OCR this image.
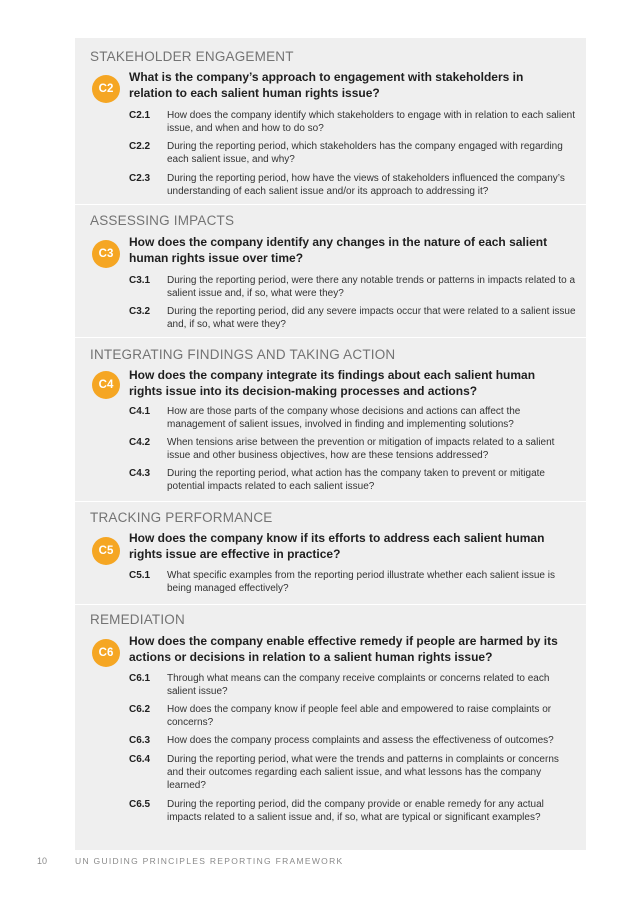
STAKEHOLDER ENGAGEMENT
C2
What is the company’s approach to engagement with stakeholders in relation to each salient human rights issue?
C2.1 How does the company identify which stakeholders to engage with in relation to each salient issue, and when and how to do so?
C2.2 During the reporting period, which stakeholders has the company engaged with regarding each salient issue, and why?
C2.3 During the reporting period, how have the views of stakeholders influenced the company’s understanding of each salient issue and/or its approach to addressing it?
ASSESSING IMPACTS
C3
How does the company identify any changes in the nature of each salient human rights issue over time?
C3.1 During the reporting period, were there any notable trends or patterns in impacts related to a salient issue and, if so, what were they?
C3.2 During the reporting period, did any severe impacts occur that were related to a salient issue and, if so, what were they?
INTEGRATING FINDINGS AND TAKING ACTION
C4
How does the company integrate its findings about each salient human rights issue into its decision-making processes and actions?
C4.1 How are those parts of the company whose decisions and actions can affect the management of salient issues, involved in finding and implementing solutions?
C4.2 When tensions arise between the prevention or mitigation of impacts related to a salient issue and other business objectives, how are these tensions addressed?
C4.3 During the reporting period, what action has the company taken to prevent or mitigate potential impacts related to each salient issue?
TRACKING PERFORMANCE
C5
How does the company know if its efforts to address each salient human rights issue are effective in practice?
C5.1 What specific examples from the reporting period illustrate whether each salient issue is being managed effectively?
REMEDIATION
C6
How does the company enable effective remedy if people are harmed by its actions or decisions in relation to a salient human rights issue?
C6.1 Through what means can the company receive complaints or concerns related to each salient issue?
C6.2 How does the company know if people feel able and empowered to raise complaints or concerns?
C6.3 How does the company process complaints and assess the effectiveness of outcomes?
C6.4 During the reporting period, what were the trends and patterns in complaints or concerns and their outcomes regarding each salient issue, and what lessons has the company learned?
C6.5 During the reporting period, did the company provide or enable remedy for any actual impacts related to a salient issue and, if so, what are typical or significant examples?
10	UN GUIDING PRINCIPLES REPORTING FRAMEWORK
